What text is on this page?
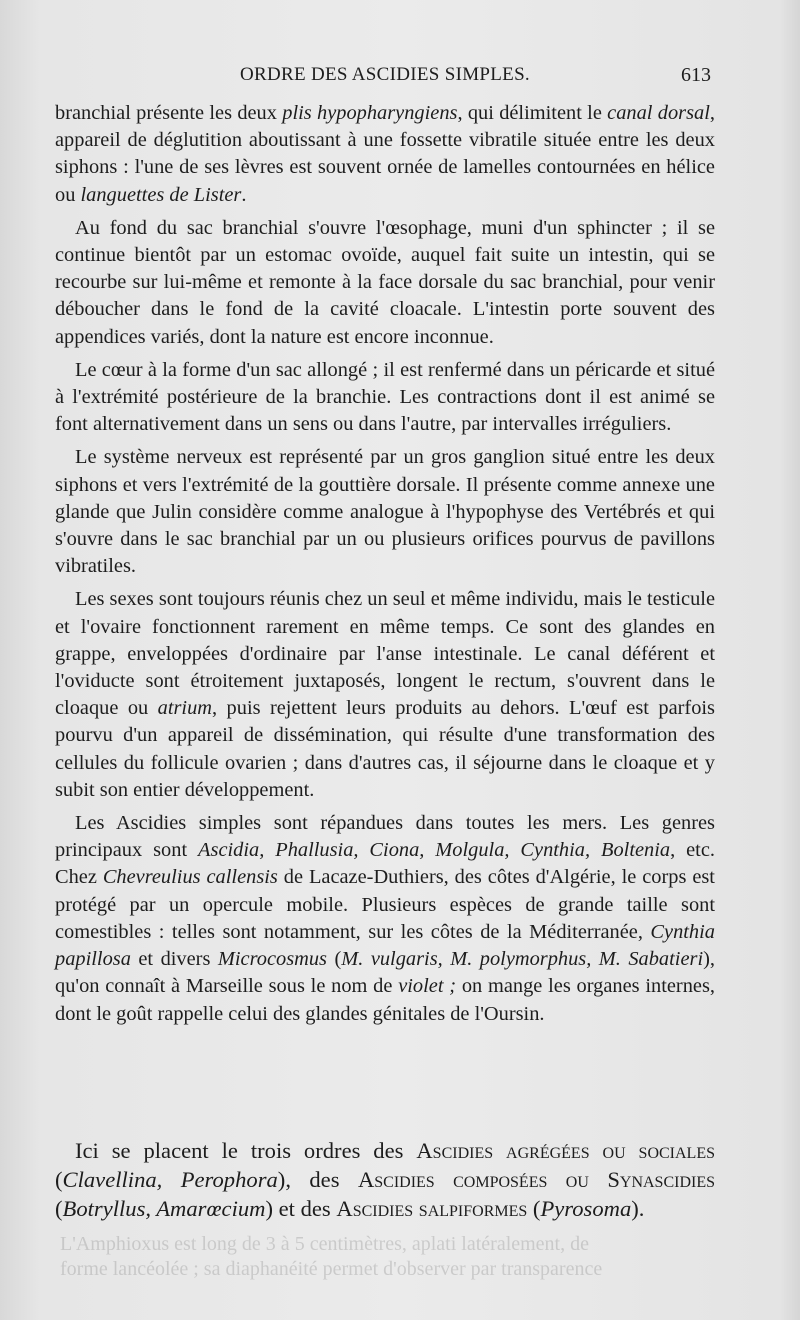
ORDRE DES ASCIDIES SIMPLES.	613

branchial présente les deux plis hypopharyngiens, qui délimitent le canal dorsal, appareil de déglutition aboutissant à une fossette vibratile située entre les deux siphons : l'une de ses lèvres est souvent ornée de lamelles contournées en hélice ou languettes de Lister.

Au fond du sac branchial s'ouvre l'œsophage, muni d'un sphincter ; il se continue bientôt par un estomac ovoïde, auquel fait suite un intestin, qui se recourbe sur lui-même et remonte à la face dorsale du sac branchial, pour venir déboucher dans le fond de la cavité cloacale. L'intestin porte souvent des appendices variés, dont la nature est encore inconnue.

Le cœur à la forme d'un sac allongé ; il est renfermé dans un péricarde et situé à l'extrémité postérieure de la branchie. Les contractions dont il est animé se font alternativement dans un sens ou dans l'autre, par intervalles irréguliers.

Le système nerveux est représenté par un gros ganglion situé entre les deux siphons et vers l'extrémité de la gouttière dorsale. Il présente comme annexe une glande que Julin considère comme analogue à l'hypophyse des Vertébrés et qui s'ouvre dans le sac branchial par un ou plusieurs orifices pourvus de pavillons vibratiles.

Les sexes sont toujours réunis chez un seul et même individu, mais le testicule et l'ovaire fonctionnent rarement en même temps. Ce sont des glandes en grappe, enveloppées d'ordinaire par l'anse intestinale. Le canal déférent et l'oviducte sont étroitement juxtaposés, longent le rectum, s'ouvrent dans le cloaque ou atrium, puis rejettent leurs produits au dehors. L'œuf est parfois pourvu d'un appareil de dissémination, qui résulte d'une transformation des cellules du follicule ovarien ; dans d'autres cas, il séjourne dans le cloaque et y subit son entier développement.

Les Ascidies simples sont répandues dans toutes les mers. Les genres principaux sont Ascidia, Phallusia, Ciona, Molgula, Cynthia, Boltenia, etc. Chez Chevreulius callensis de Lacaze-Duthiers, des côtes d'Algérie, le corps est protégé par un opercule mobile. Plusieurs espèces de grande taille sont comestibles : telles sont notamment, sur les côtes de la Méditerranée, Cynthia papillosa et divers Microcosmus (M. vulgaris, M. polymorphus, M. Sabatieri), qu'on connaît à Marseille sous le nom de violet ; on mange les organes internes, dont le goût rappelle celui des glandes génitales de l'Oursin.

Ici se placent le trois ordres des Ascidies agrégées ou sociales (Clavellina, Perophora), des Ascidies composées ou Synascidies (Botryllus, Amarœcium) et des Ascidies salpiformes (Pyrosoma).

L'Amphioxus est long de 3 à 5 centimètres, aplati latéralement, de

forme lancéolée ; sa diaphanéité permet d'observer par transparence
